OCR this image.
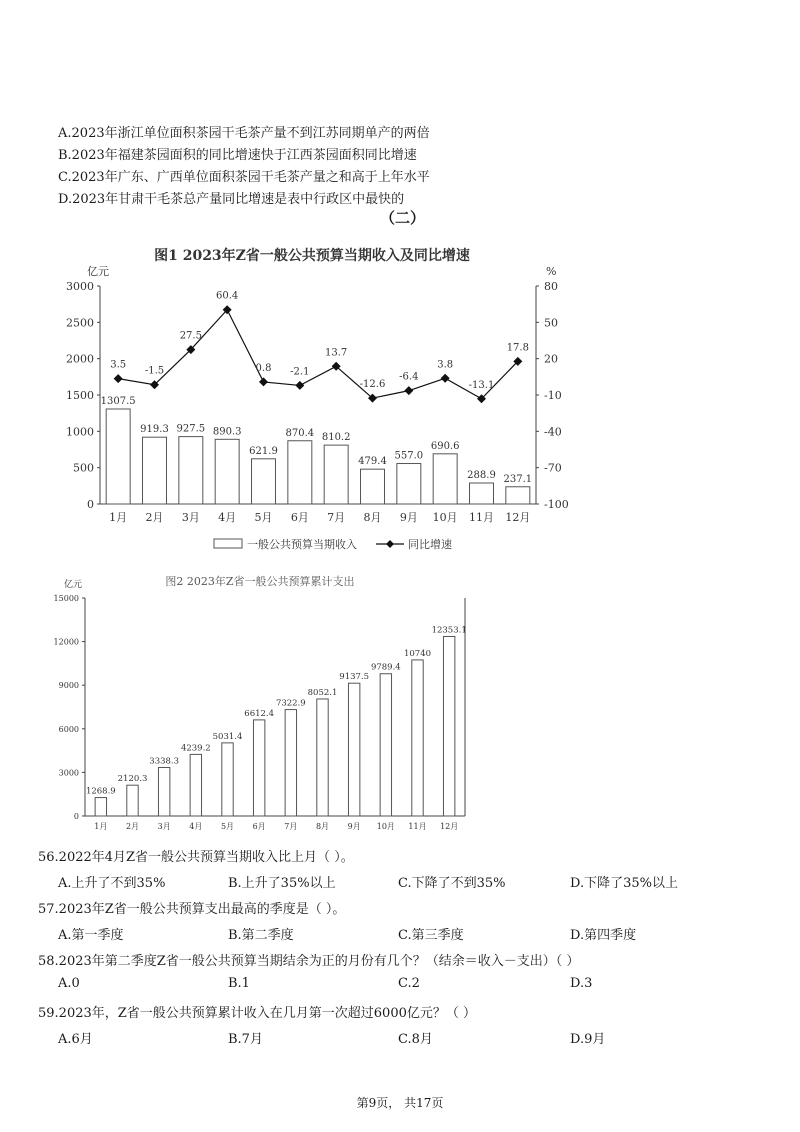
A.2023年浙江单位面积茶园干毛茶产量不到江苏同期单产的两倍
B.2023年福建茶园面积的同比增速快于江西茶园面积同比增速
C.2023年广东、广西单位面积茶园干毛茶产量之和高于上年水平
D.2023年甘肃干毛茶总产量同比增速是表中行政区中最快的
（二）
图1 2023年Z省一般公共预算当期收入及同比增速
亿元	%
0
500
1000
1500
2000
2500
3000
-100
-70
-40
-10
20
50
80
1月 2月 3月 4月 5月 6月 7月 8月 9月 10月 11月 12月
1307.5
919.3 927.5 890.3
621.9
870.4 810.2
479.4
557.0
690.6
288.9 237.1
3.5
-1.5
27.5
60.4
0.8 -2.1
13.7
-12.6
-6.4
3.8
-13.1
17.8
一般公共预算当期收入	同比增速
图2 2023年Z省一般公共预算累计支出
亿元
0
3000
6000
9000
12000
15000
1月 2月 3月 4月 5月 6月 7月 8月 9月 10月 11月 12月
1268.9
2120.3
3338.3
4239.2
5031.4
6612.4
7322.9
8052.1
9137.5
9789.4
10740
12353.1
56.2022年4月Z省一般公共预算当期收入比上月（ ）。
A.上升了不到35%	B.上升了35%以上	C.下降了不到35%	D.下降了35%以上
57.2023年Z省一般公共预算支出最高的季度是（ ）。
A.第一季度	B.第二季度	C.第三季度	D.第四季度
58.2023年第二季度Z省一般公共预算当期结余为正的月份有几个？（结余＝收入－支出）（ ）
A.0	B.1	C.2	D.3
59.2023年，Z省一般公共预算累计收入在几月第一次超过6000亿元？（ ）
A.6月	B.7月	C.8月	D.9月
第9页， 共17页
